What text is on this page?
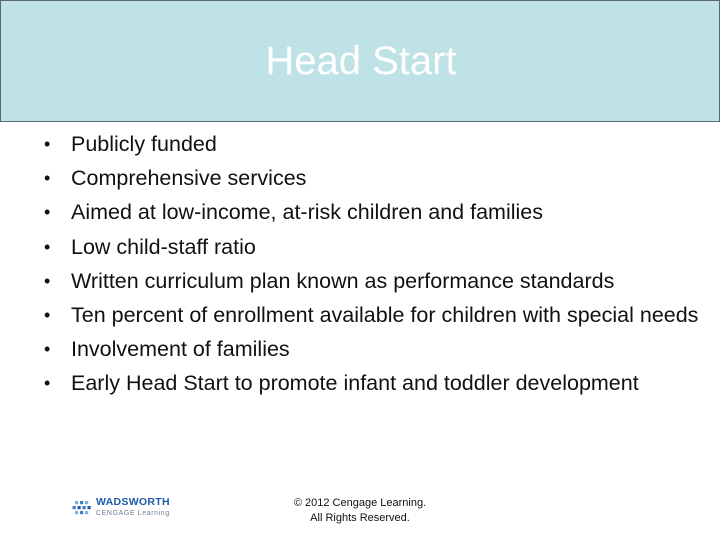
Head Start
• Publicly funded
• Comprehensive services
• Aimed at low-income, at-risk children and families
• Low child-staff ratio
• Written curriculum plan known as performance standards
• Ten percent of enrollment available for children with special needs
• Involvement of families
• Early Head Start to promote infant and toddler development
WADSWORTH
CENGAGE Learning
© 2012 Cengage Learning.
All Rights Reserved.
